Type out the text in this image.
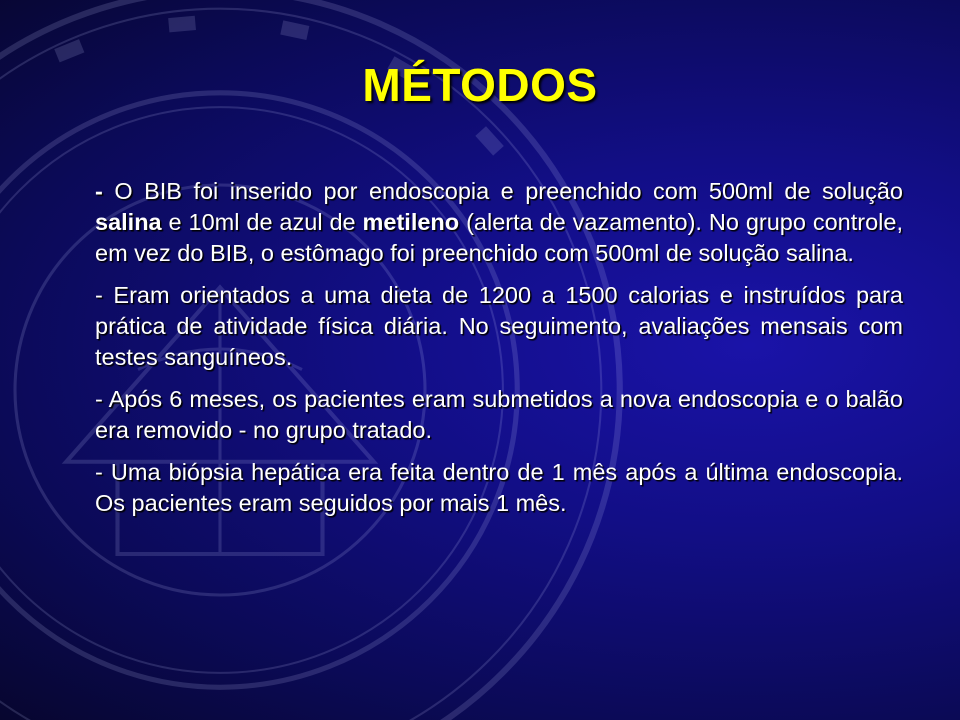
MÉTODOS

- O BIB foi inserido por endoscopia e preenchido com 500ml de solução salina e 10ml de azul de metileno (alerta de vazamento). No grupo controle, em vez do BIB, o estômago foi preenchido com 500ml de solução salina.

- Eram orientados a uma dieta de 1200 a 1500 calorias e instruídos para prática de atividade física diária. No seguimento, avaliações mensais com testes sanguíneos.

- Após 6 meses, os pacientes eram submetidos a nova endoscopia e o balão era removido - no grupo tratado.

- Uma biópsia hepática era feita dentro de 1 mês após a última endoscopia. Os pacientes eram seguidos por mais 1 mês.
